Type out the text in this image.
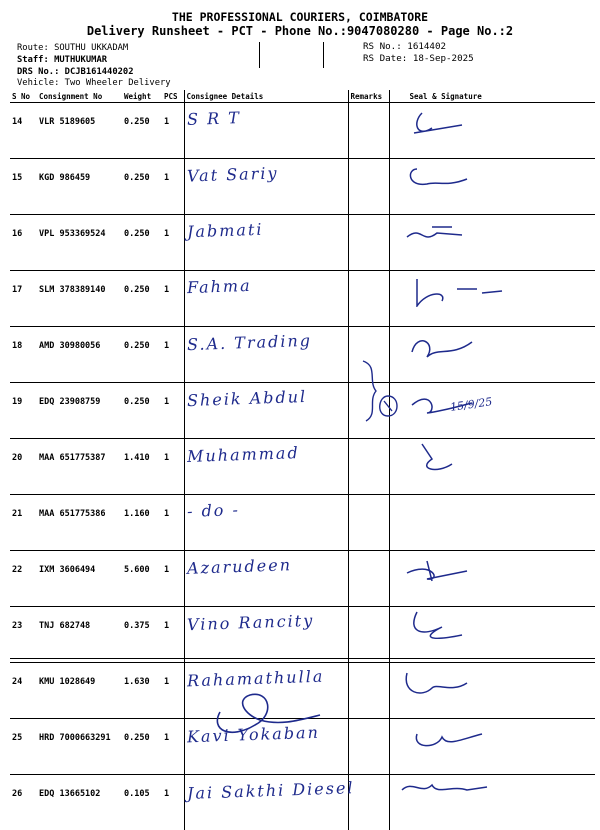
THE PROFESSIONAL COURIERS, COIMBATORE
Delivery Runsheet - PCT - Phone No.:9047080280 - Page No.:2
Route: SOUTHU UKKADAM
Staff: MUTHUKUMAR
DRS No.: DCJB161440202
Vehicle: Two Wheeler Delivery
RS No.: 1614402
RS Date: 18-Sep-2025
S No	Consignment No	Weight	PCS	Consignee Details	Remarks	Seal & Signature
14	VLR 5189605	0.250	1	S R T		

15	KGD 986459	0.250	1	Vat Sariy		

16	VPL 953369524	0.250	1	Jabmati		

17	SLM 378389140	0.250	1	Fahma		

18	AMD 30980056	0.250	1	S.A. Trading		

19	EDQ 23908759	0.250	1	Sheik Abdul		

20	MAA 651775387	1.410	1	Muhammad		

21	MAA 651775386	1.160	1	- do -		
22	IXM 3606494	5.600	1	Azarudeen		

23	TNJ 682748	0.375	1	Vino Rancity		

24	KMU 1028649	1.630	1	Rahamathulla		

25	HRD 7000663291	0.250	1	Kavi Yokaban		

26	EDQ 13665102	0.105	1	Jai Sakthi Diesel		
15/9/25
